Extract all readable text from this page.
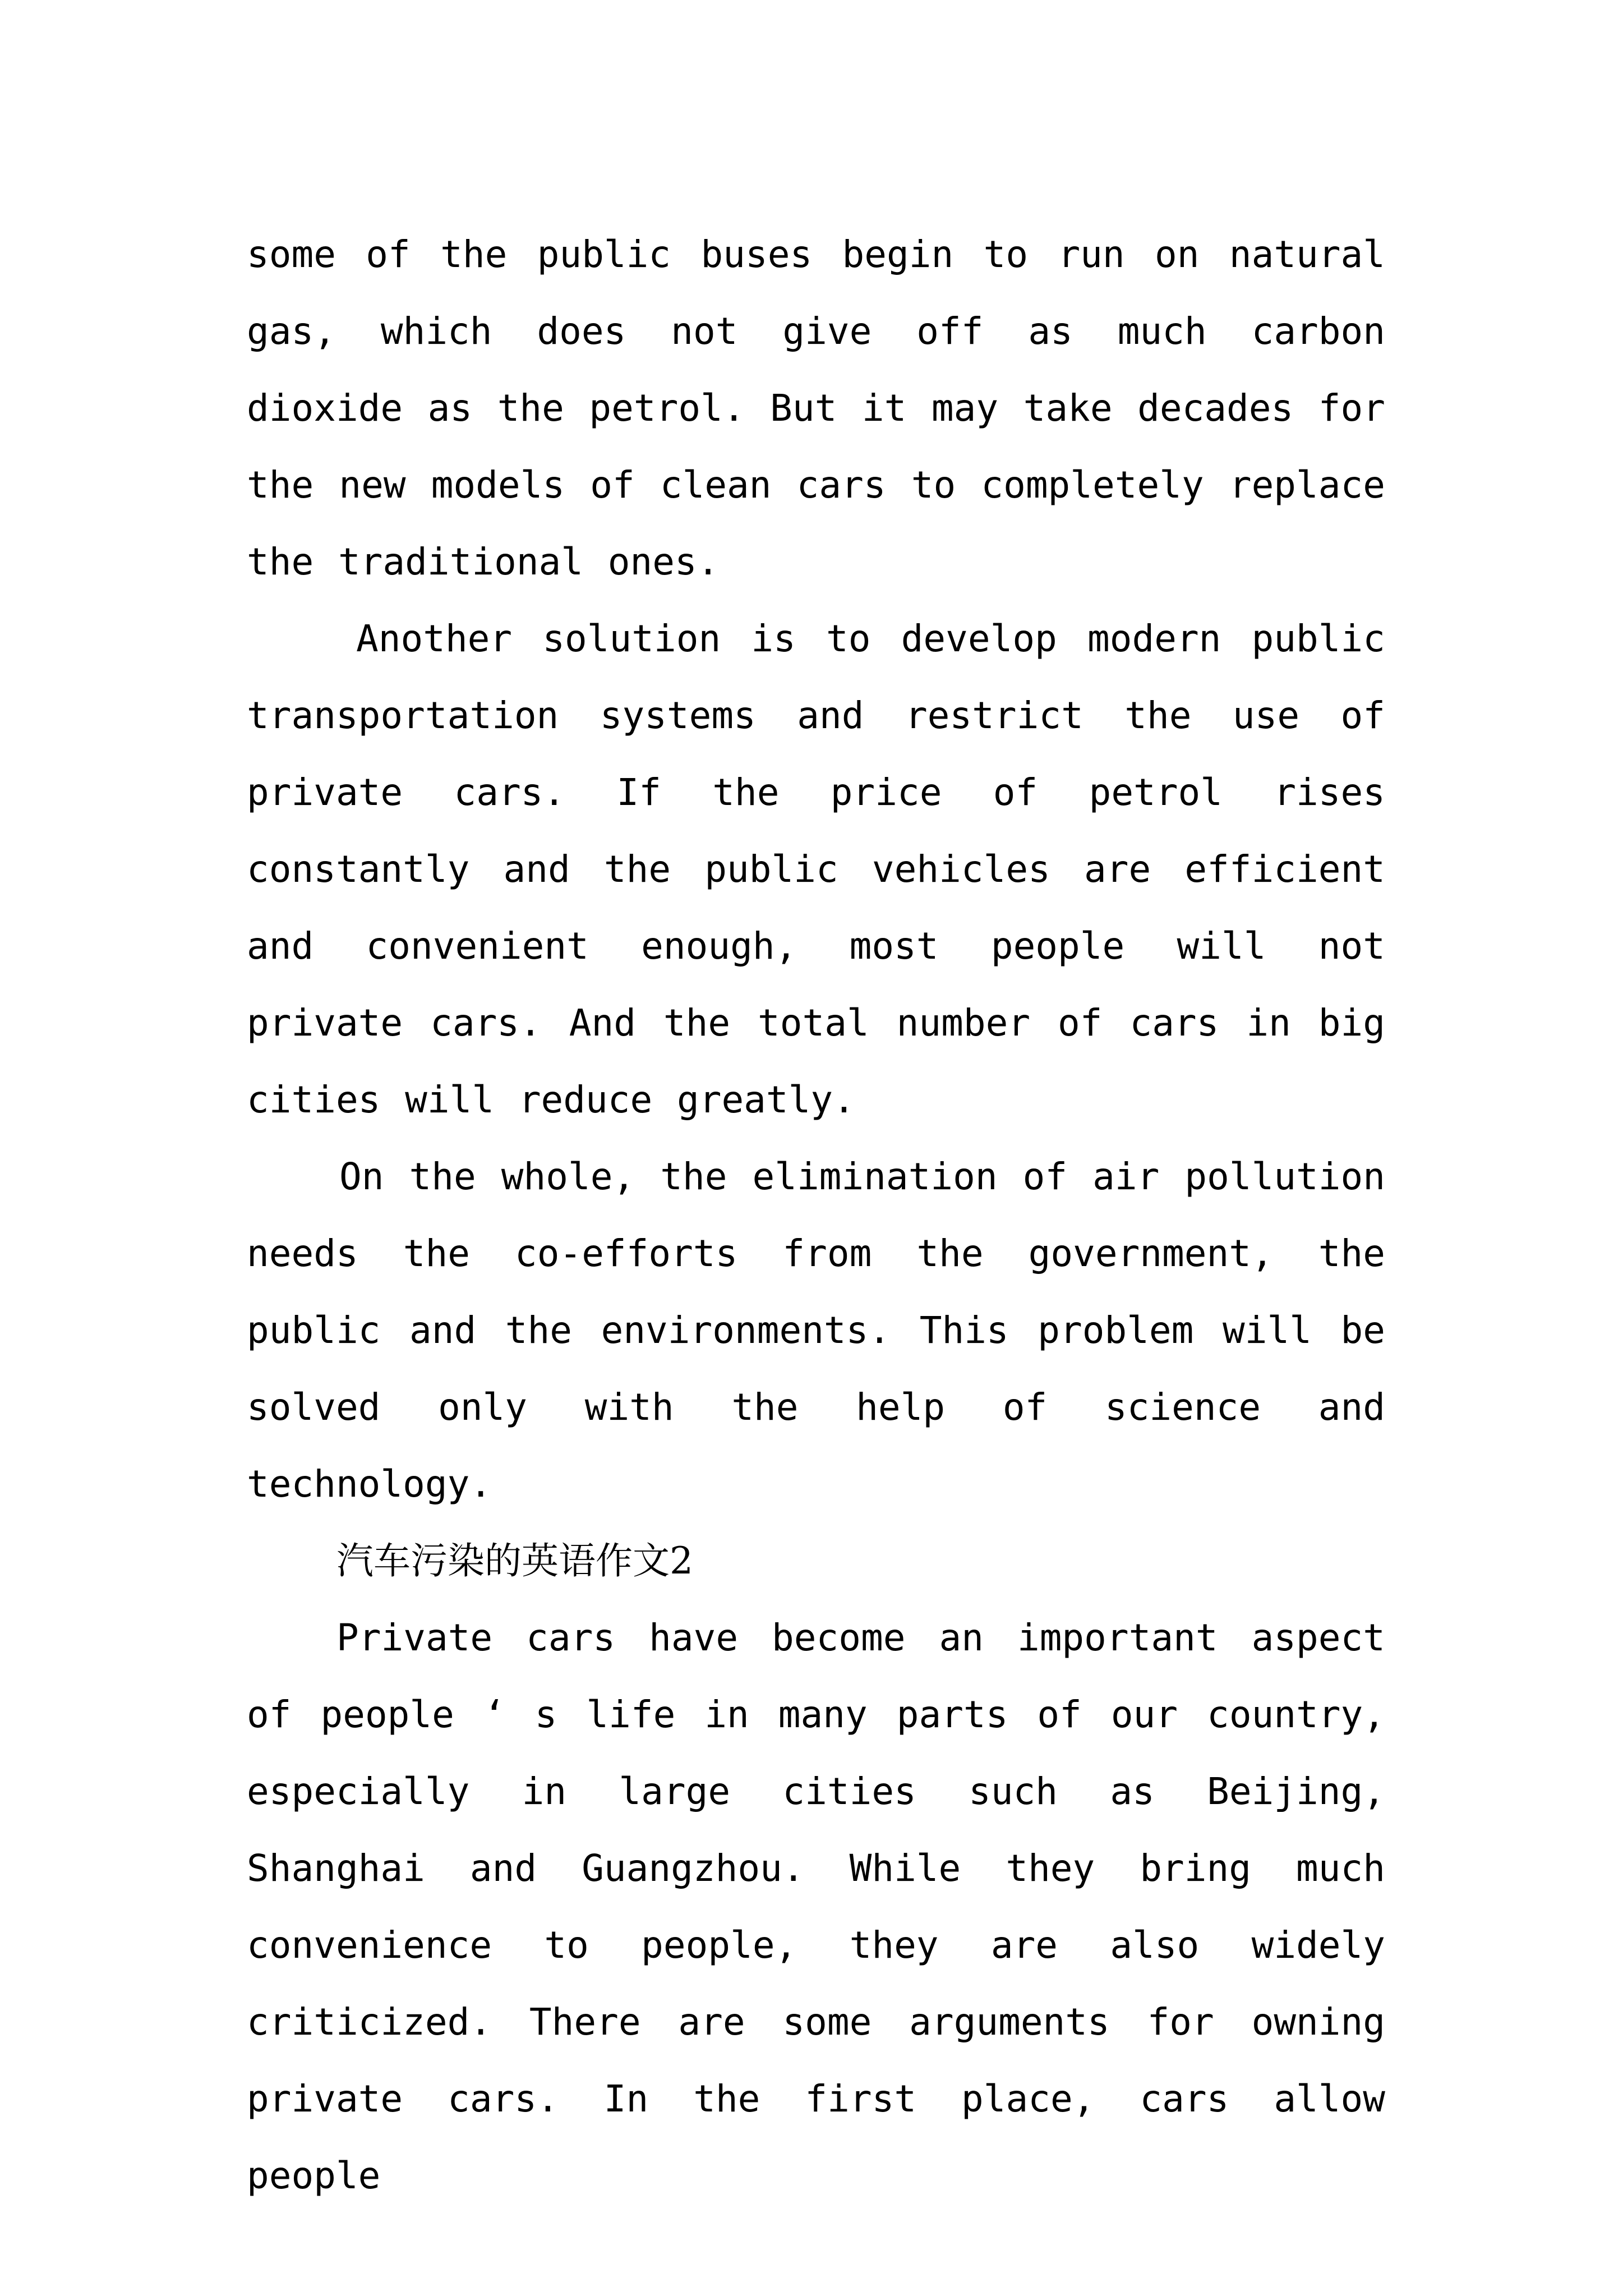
some of the public buses begin to run on natural gas, which does not give off as much carbon dioxide as the petrol. But it may take decades for the new models of clean cars to completely replace the traditional ones.

Another solution is to develop modern public transportation systems and restrict the use of private cars. If the price of petrol rises constantly and the public vehicles are efficient and convenient enough, most people will not private cars. And the total number of cars in big cities will reduce greatly.

On the whole, the elimination of air pollution needs the co-efforts from the government, the public and the environments. This problem will be solved only with the help of science and technology.

汽车污染的英语作文2

Private cars have become an important aspect of people ‘ s life in many parts of our country, especially in large cities such as Beijing, Shanghai and Guangzhou. While they bring much convenience to people, they are also widely criticized. There are some arguments for owning private cars. In the first place, cars allow people
